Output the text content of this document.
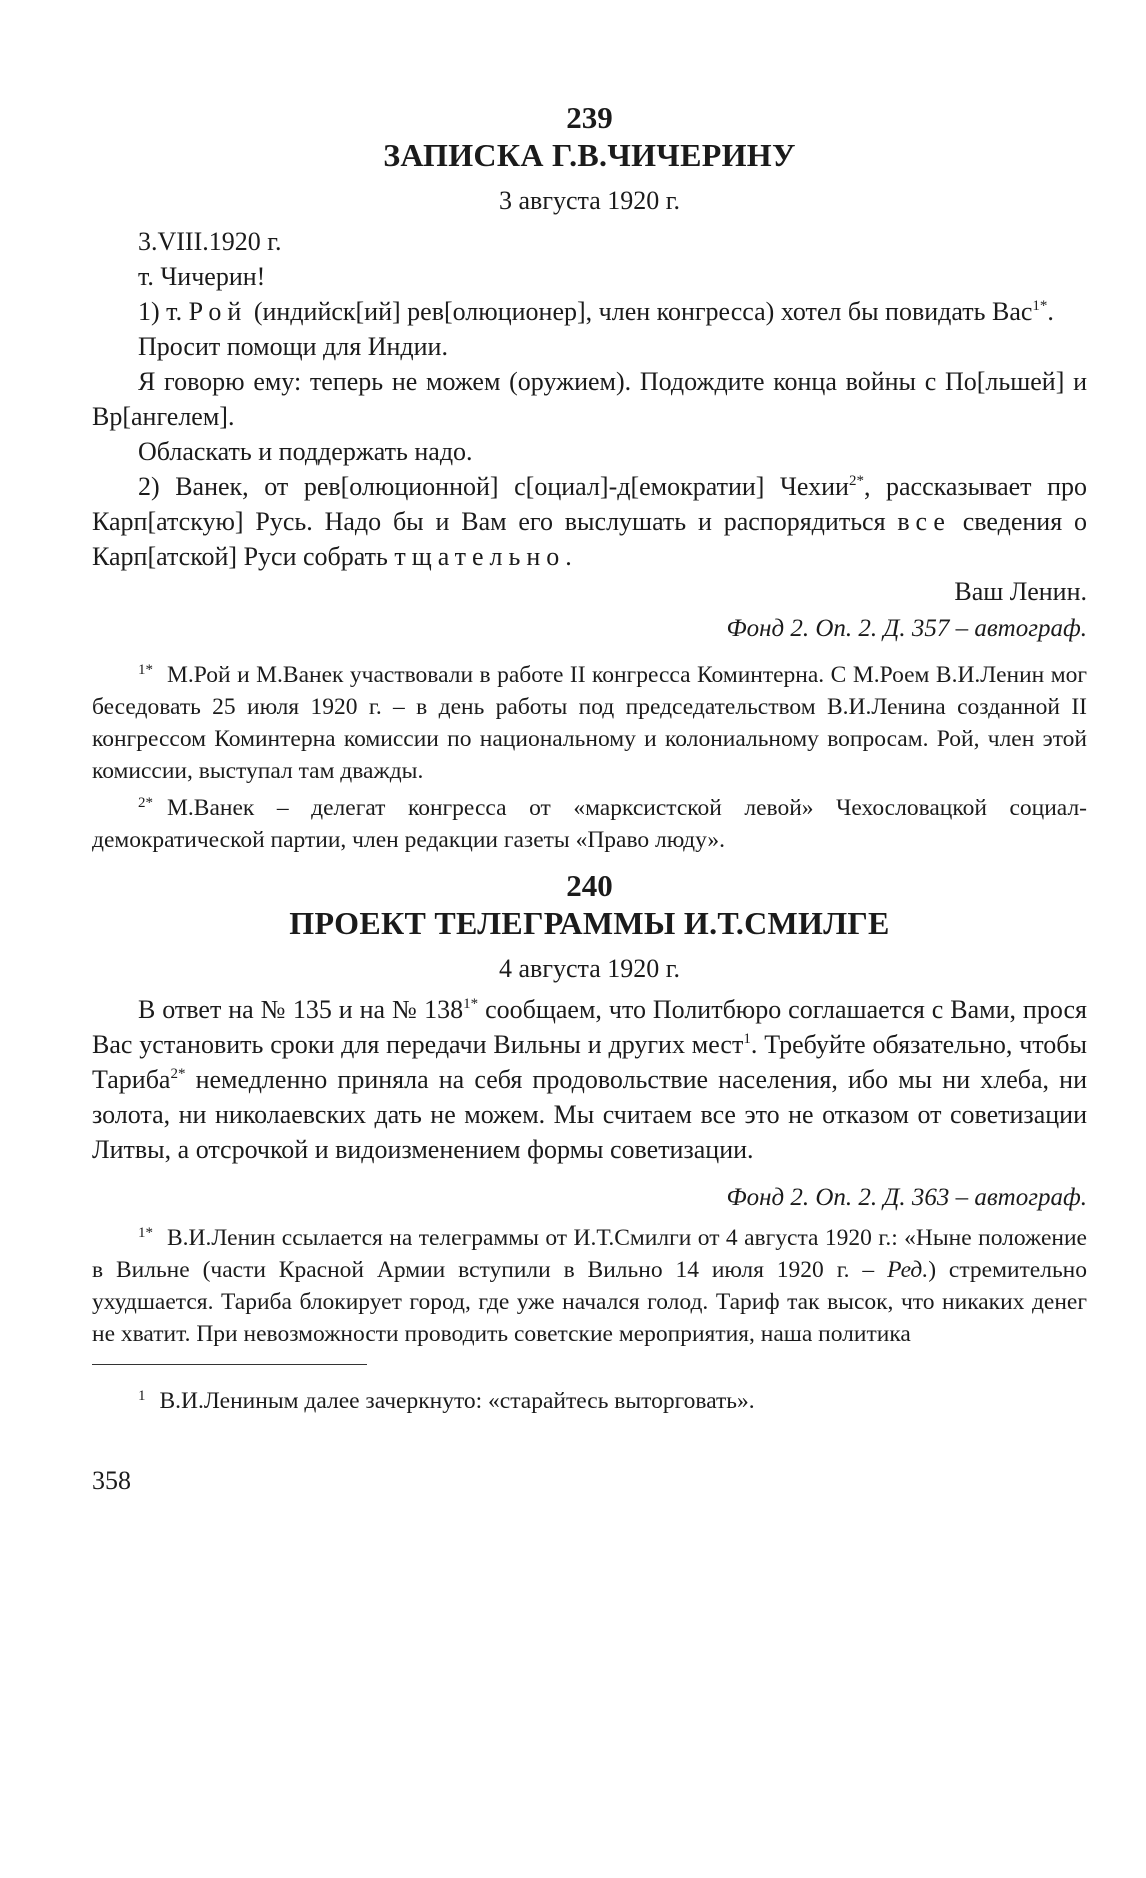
239

ЗАПИСКА Г.В.ЧИЧЕРИНУ

3 августа 1920 г.

3.VIII.1920 г.

т. Чичерин!

1) т. Рой (индийск[ий] рев[олюционер], член конгресса) хотел бы повидать Вас$^{1*}$.

Просит помощи для Индии.

Я говорю ему: теперь не можем (оружием). Подождите конца войны с По[льшей] и Вр[ангелем].

Обласкать и поддержать надо.

2) Ванек, от рев[олюционной] с[оциал]-д[емократии] Чехии$^{2*}$, рассказывает про Карп[атскую] Русь. Надо бы и Вам его выслушать и распорядиться все сведения о Карп[атской] Руси собрать тщательно.

Ваш Ленин.

Фонд 2. Оп. 2. Д. 357 – автограф.

$^{1*}$ М.Рой и М.Ванек участвовали в работе II конгресса Коминтерна. С М.Роем В.И.Ленин мог беседовать 25 июля 1920 г. – в день работы под председательством В.И.Ленина созданной II конгрессом Коминтерна комиссии по национальному и колониальному вопросам. Рой, член этой комиссии, выступал там дважды.

$^{2*}$ М.Ванек – делегат конгресса от «марксистской левой» Чехословацкой социал-демократической партии, член редакции газеты «Право люду».

240

ПРОЕКТ ТЕЛЕГРАММЫ И.Т.СМИЛГЕ

4 августа 1920 г.

В ответ на № 135 и на № $138^{1*}$ сообщаем, что Политбюро соглашается с Вами, прося Вас установить сроки для передачи Вильны и других мест$^1$. Требуйте обязательно, чтобы Тариба$^{2*}$ немедленно приняла на себя продовольствие населения, ибо мы ни хлеба, ни золота, ни николаевских дать не можем. Мы считаем все это не отказом от советизации Литвы, а отсрочкой и видоизменением формы советизации.

Фонд 2. Оп. 2. Д. 363 – автограф.

$^{1*}$ В.И.Ленин ссылается на телеграммы от И.Т.Смилги от 4 августа 1920 г.: «Ныне положение в Вильне (части Красной Армии вступили в Вильно 14 июля 1920 г. – Ред.) стремительно ухудшается. Тариба блокирует город, где уже начался голод. Тариф так высок, что никаких денег не хватит. При невозможности проводить советские мероприятия, наша политика

$^1$ В.И.Лениным далее зачеркнуто: «старайтесь выторговать».

358
